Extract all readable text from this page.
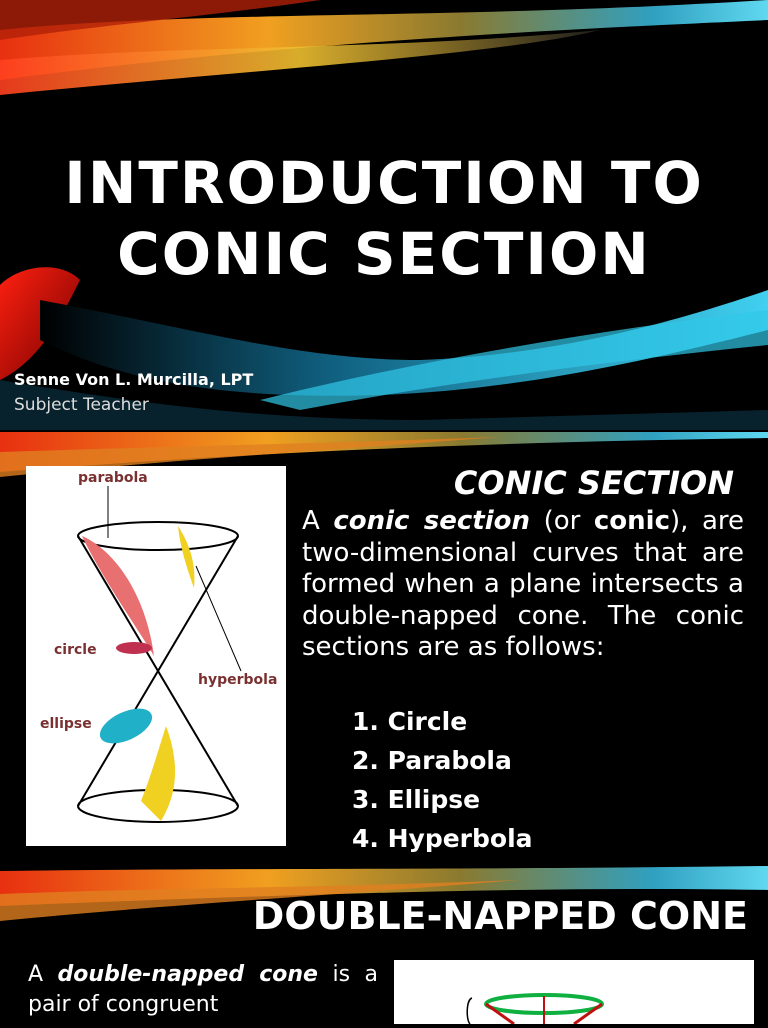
INTRODUCTION TO
CONIC SECTION
Senne Von L. Murcilla, LPT
Subject Teacher
parabola
circle
hyperbola
ellipse
CONIC SECTION
A conic section (or conic), are two-dimensional curves that are formed when a plane intersects a double-napped cone. The conic sections are as follows:
1. Circle
2. Parabola
3. Ellipse
4. Hyperbola
DOUBLE-NAPPED CONE
A double-napped cone is a pair of congruent
